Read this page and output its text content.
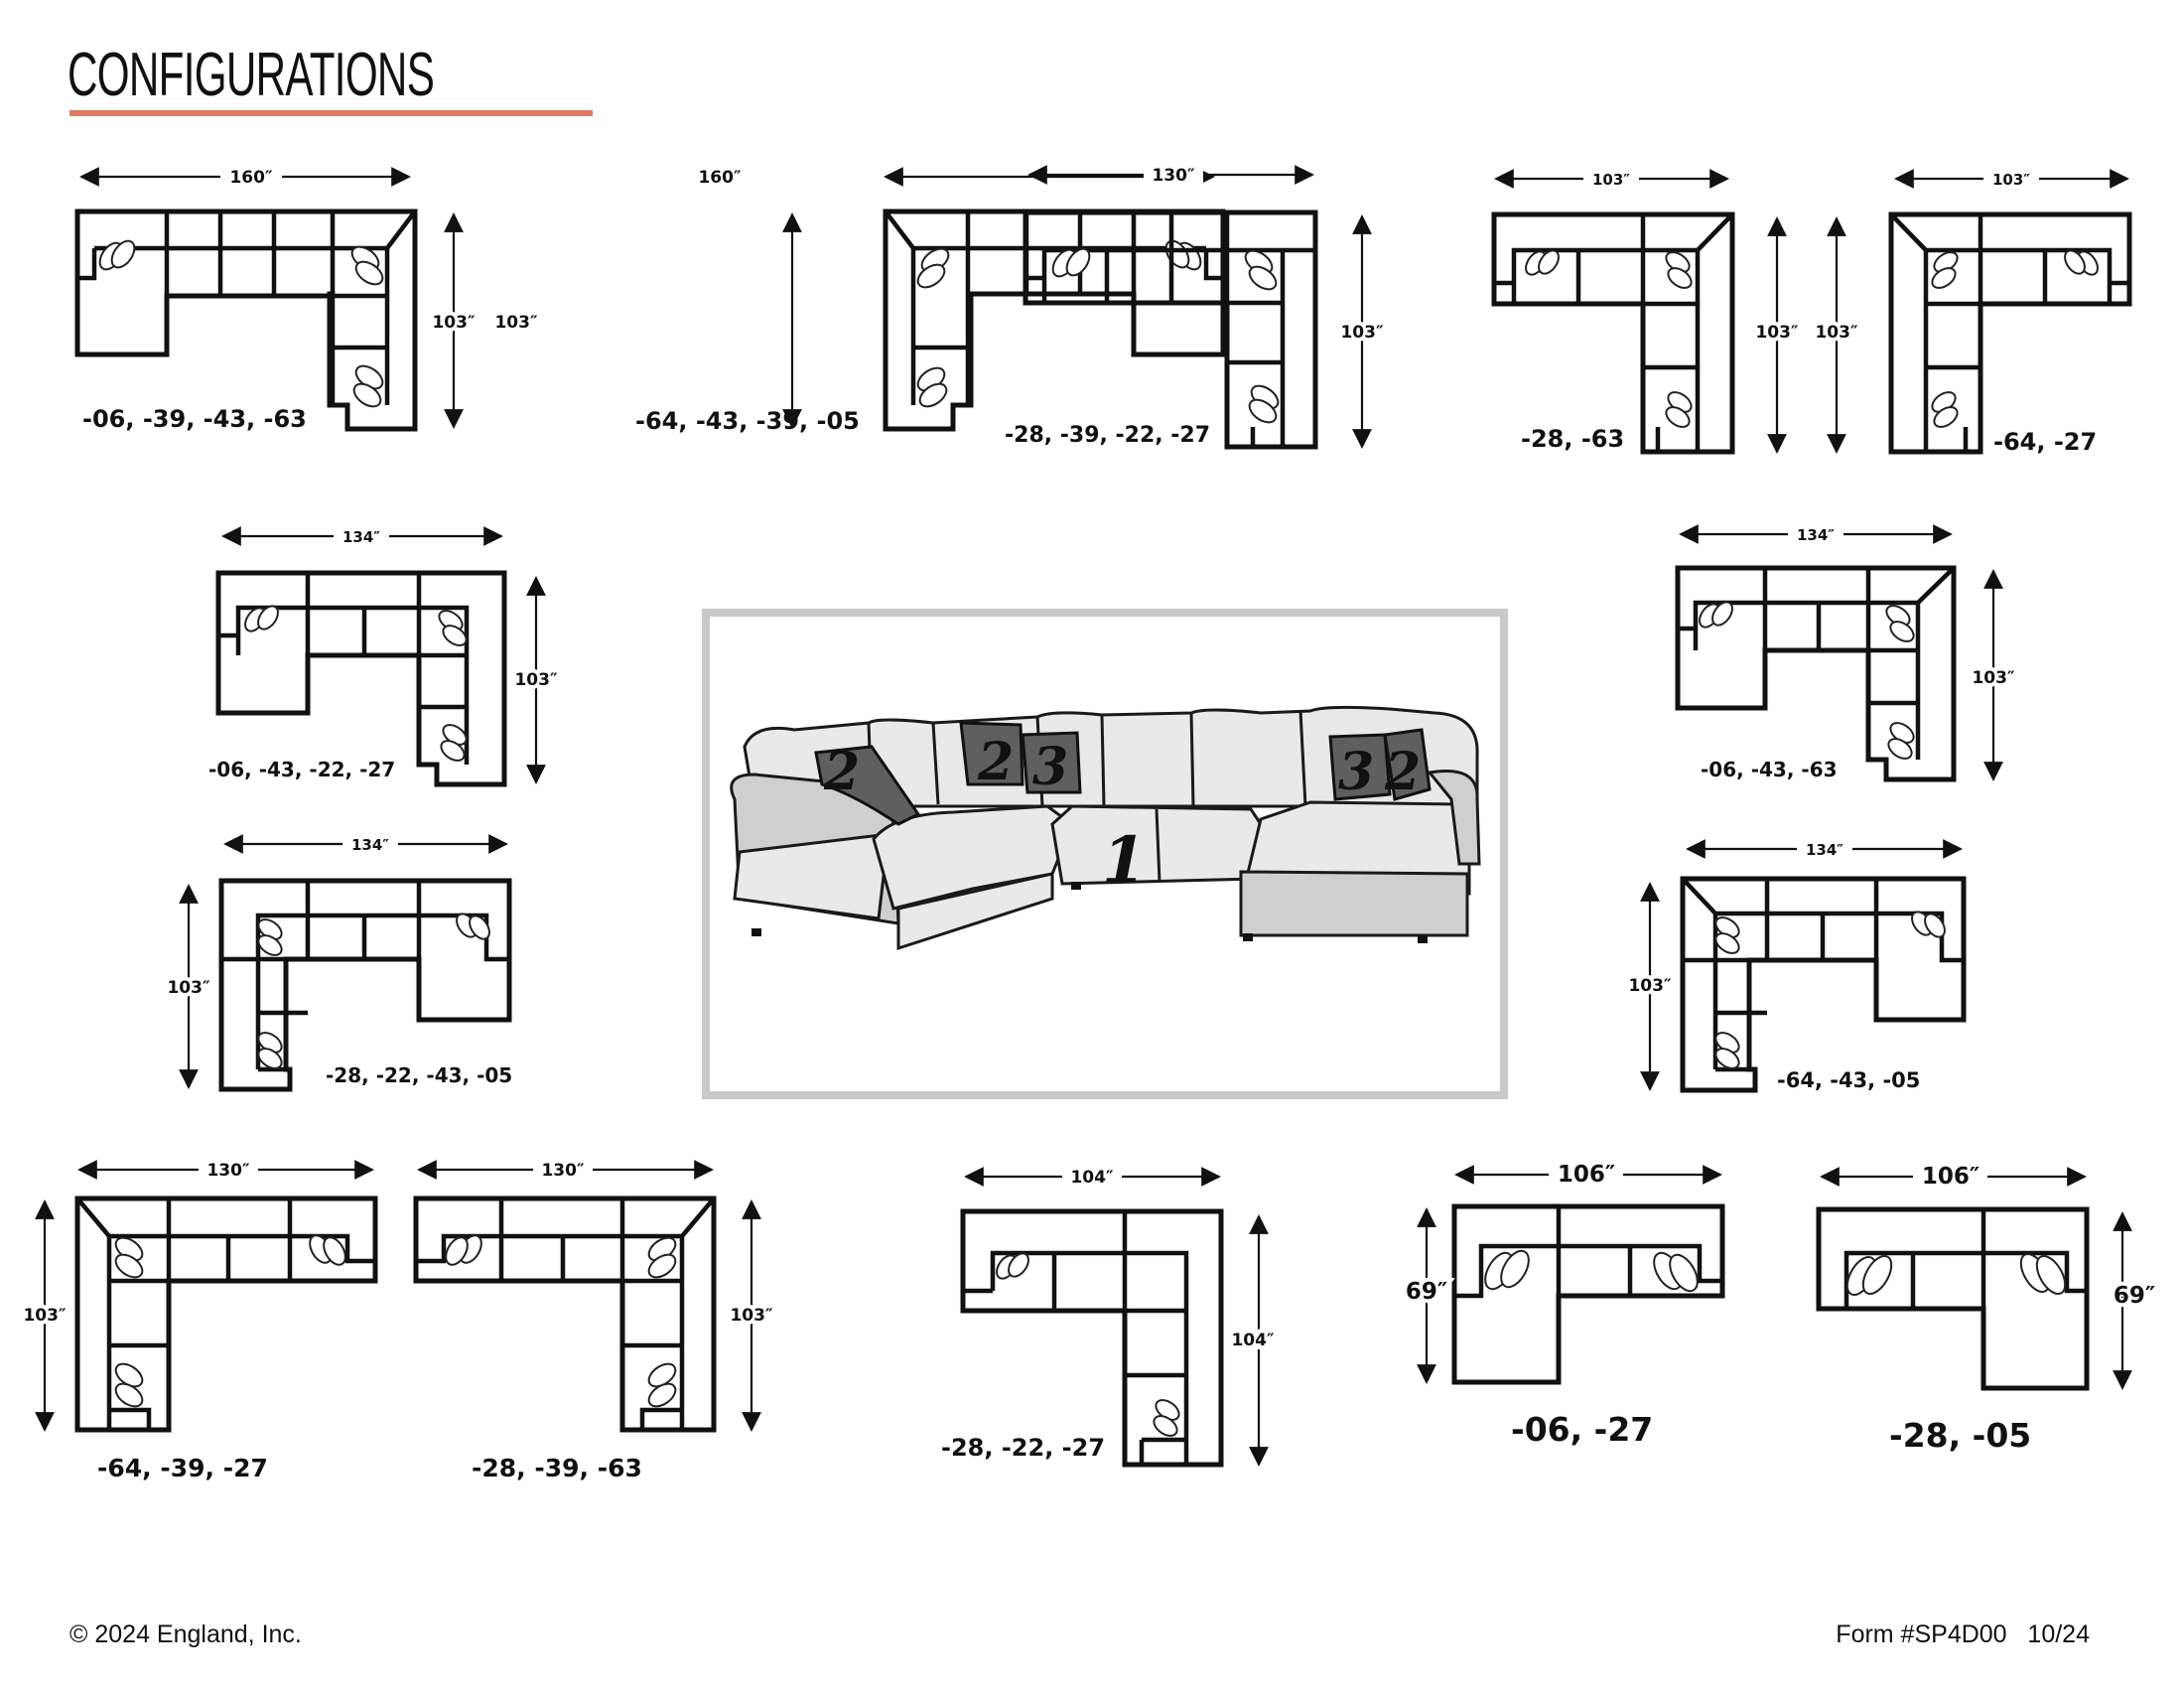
CONFIGURATIONS
160″
103″
-06, -39, -43, -63
160″
103″
-64, -43, -39, -05
130″
103″
-28, -39, -22, -27
103″
103″
-28, -63
103″
103″
-64, -27
134″
103″
-06, -43, -22, -27
134″
103″
-28, -22, -43, -05
134″
103″
-06, -43, -63
134″
103″
-64, -43, -05
2 2 3
1
3 2
130″
103″
-64, -39, -27
130″
103″
-28, -39, -63
104″
104″
-28, -22, -27
106″
69″
-06, -27
106″
69″
-28, -05
© 2024 England, Inc.	Form #SP4D00   10/24
